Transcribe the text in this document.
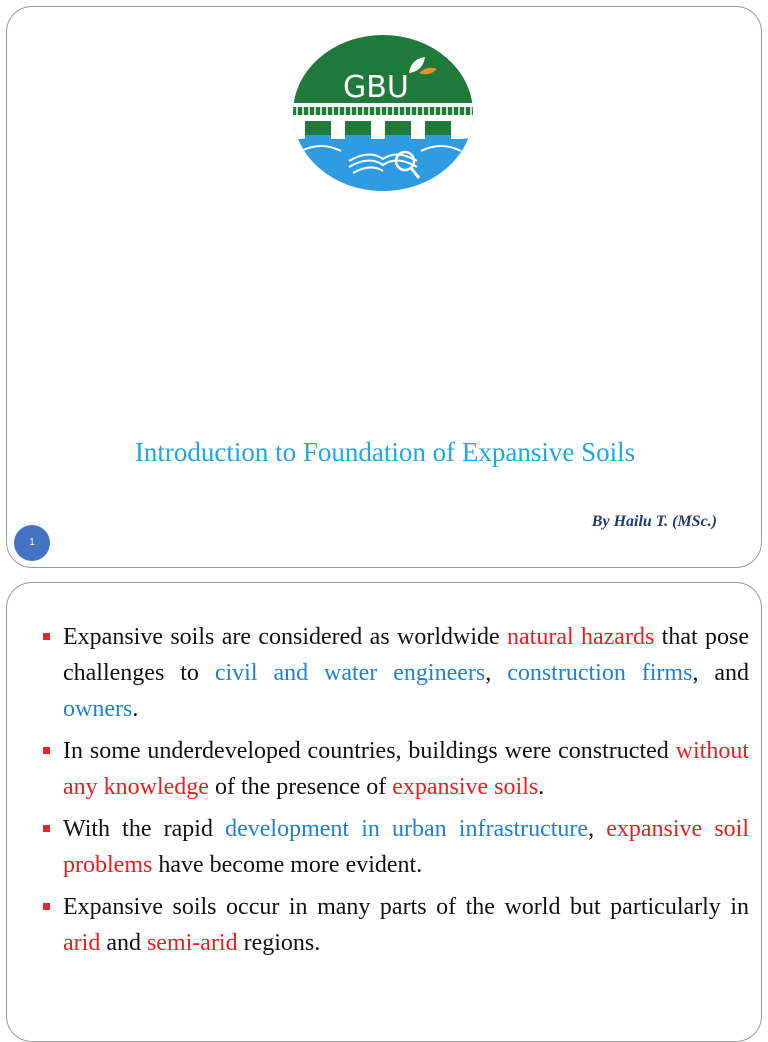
GBU
Introduction to Foundation of Expansive Soils
By Hailu T. (MSc.)
1
Expansive soils are considered as worldwide natural hazards that pose challenges to civil and water engineers, construction firms, and owners.
In some underdeveloped countries, buildings were constructed without any knowledge of the presence of expansive soils.
With the rapid development in urban infrastructure, expansive soil problems have become more evident.
Expansive soils occur in many parts of the world but particularly in arid and semi-arid regions.
